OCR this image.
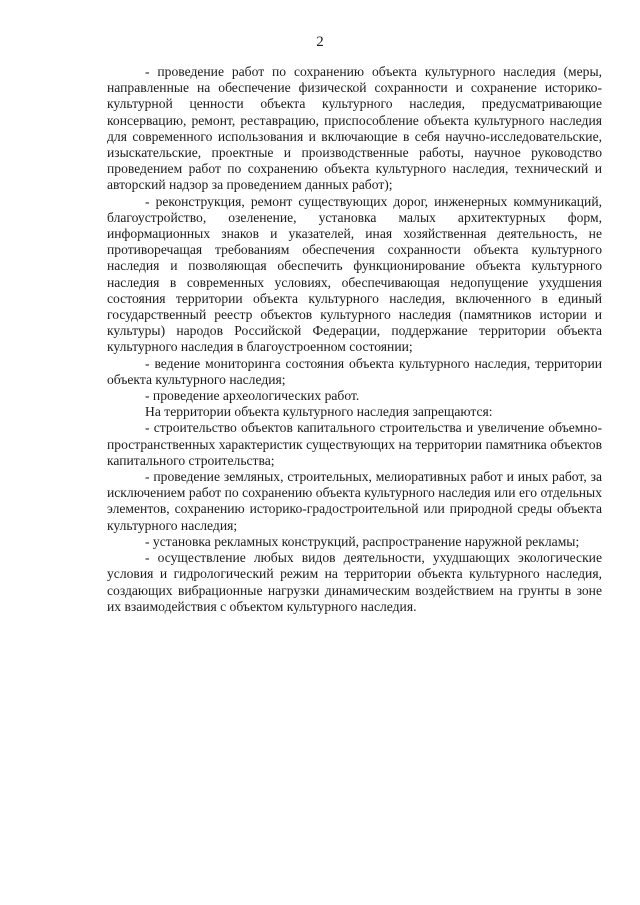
2

- проведение работ по сохранению объекта культурного наследия (меры, направленные на обеспечение физической сохранности и сохранение историко-культурной ценности объекта культурного наследия, предусматривающие консервацию, ремонт, реставрацию, приспособление объекта культурного наследия для современного использования и включающие в себя научно-исследовательские, изыскательские, проектные и производственные работы, научное руководство проведением работ по сохранению объекта культурного наследия, технический и авторский надзор за проведением данных работ);

- реконструкция, ремонт существующих дорог, инженерных коммуникаций, благоустройство, озеленение, установка малых архитектурных форм, информационных знаков и указателей, иная хозяйственная деятельность, не противоречащая требованиям обеспечения сохранности объекта культурного наследия и позволяющая обеспечить функционирование объекта культурного наследия в современных условиях, обеспечивающая недопущение ухудшения состояния территории объекта культурного наследия, включенного в единый государственный реестр объектов культурного наследия (памятников истории и культуры) народов Российской Федерации, поддержание территории объекта культурного наследия в благоустроенном состоянии;

- ведение мониторинга состояния объекта культурного наследия, территории объекта культурного наследия;

- проведение археологических работ.

На территории объекта культурного наследия запрещаются:

- строительство объектов капитального строительства и увеличение объемно-пространственных характеристик существующих на территории памятника объектов капитального строительства;

- проведение земляных, строительных, мелиоративных работ и иных работ, за исключением работ по сохранению объекта культурного наследия или его отдельных элементов, сохранению историко-градостроительной или природной среды объекта культурного наследия;

- установка рекламных конструкций, распространение наружной рекламы;

- осуществление любых видов деятельности, ухудшающих экологические условия и гидрологический режим на территории объекта культурного наследия, создающих вибрационные нагрузки динамическим воздействием на грунты в зоне их взаимодействия с объектом культурного наследия.
